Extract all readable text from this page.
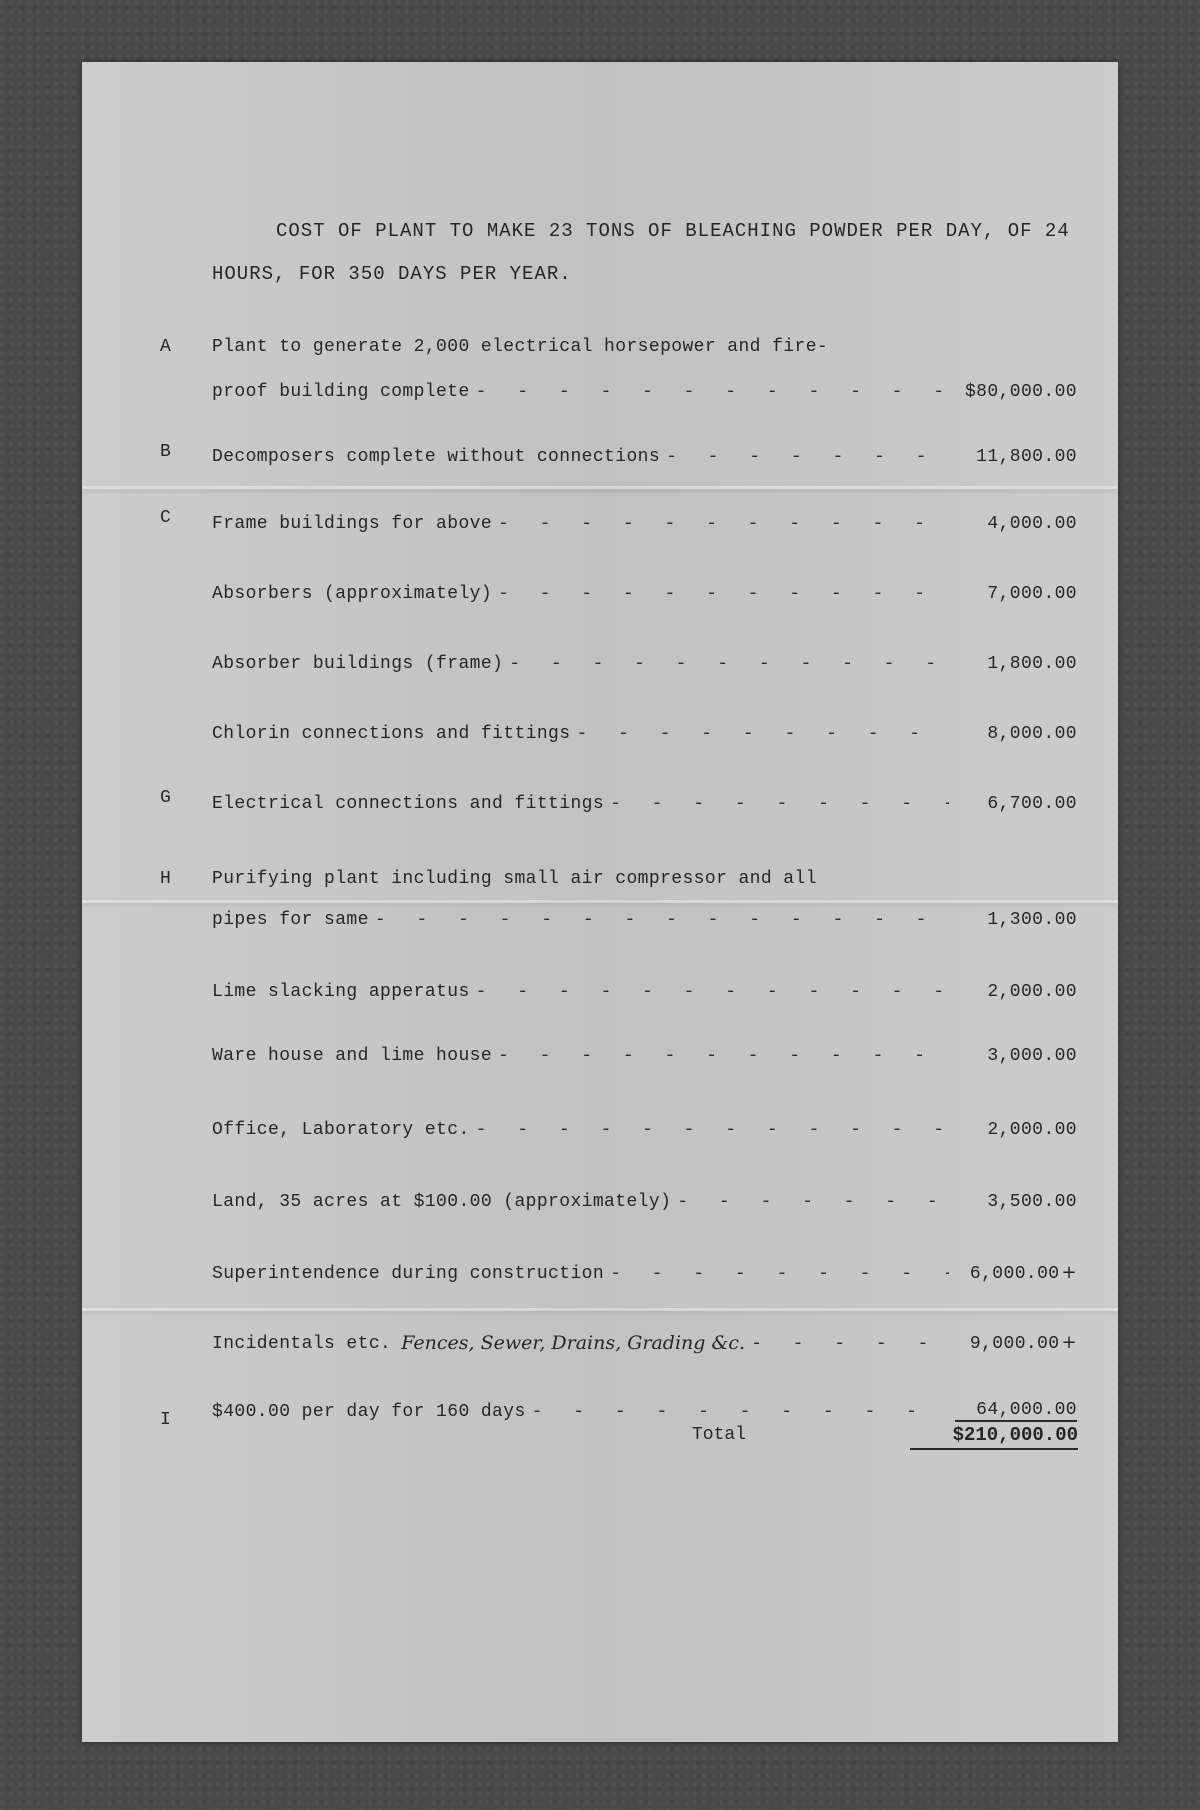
COST OF PLANT TO MAKE 23 TONS OF BLEACHING POWDER PER DAY, OF 24 HOURS, FOR 350 DAYS PER YEAR.

A	Plant to generate 2,000 electrical horsepower and fire-
proof building complete - - -	$80,000.00
B	Decomposers complete without connections - - -	11,800.00
C	Frame buildings for above - - -	4,000.00
Absorbers (approximately) - - -	7,000.00
Absorber buildings (frame) - - -	1,800.00
Chlorin connections and fittings - - -	8,000.00
G	Electrical connections and fittings - - -	6,700.00
H	Purifying plant including small air compressor and all
pipes for same - - -	1,300.00
Lime slacking apperatus - - -	2,000.00
Ware house and lime house - - -	3,000.00
Office, Laboratory etc. - - -	2,000.00
Land, 35 acres at $100.00 (approximately) - - -	3,500.00
Superintendence during construction - - -	6,000.00 +
Incidentals etc. Fences, Sewer, Drains, Grading &c. - - -	9,000.00 +
I	$400.00 per day for 160 days - - -	64,000.00
Total	$210,000.00
